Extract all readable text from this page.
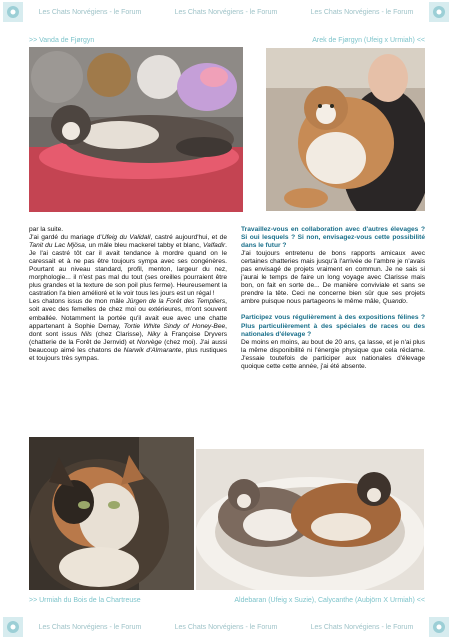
Les Chats Norvégiens - le Forum	Les Chats Norvégiens - le Forum	Les Chats Norvégiens - le Forum
>> Vanda de Fjørgyn	Arek de Fjørgyn (Ufeig x Urmiah) <<

par la suite.

J'ai gardé du mariage d'Ufeig du Validall, castré aujourd'hui, et de Tanit du Lac Mjösa, un mâle bleu mackerel tabby et blanc, Valfadir. Je l'ai castré tôt car il avait tendance à mordre quand on le caressait et à ne pas être toujours sympa avec ses congénères. Pourtant au niveau standard, profil, menton, largeur du nez, morphologie... il n'est pas mal du tout (ses oreilles pourraient être plus grandes et la texture de son poil plus ferme). Heureusement la castration l'a bien amélioré et le voir tous les jours est un régal !

Les chatons issus de mon mâle Jürgen de la Forêt des Templiers, soit avec des femelles de chez moi ou extérieures, m'ont souvent emballée. Notamment la portée qu'il avait eue avec une chatte appartenant à Sophie Demay, Tortie White Sindy of Honey-Bee, dont sont issus Nils (chez Clarisse), Niky à Françoise Dryvers (chatterie de la Forêt de Jernvid) et Norvège (chez moi). J'ai aussi beaucoup aimé les chatons de Narwik d'Almarante, plus rustiques et toujours très sympas.

Travaillez-vous en collaboration avec d'autres élevages ? Si oui lesquels ? Si non, envisagez-vous cette possibilité dans le futur ?

J'ai toujours entretenu de bons rapports amicaux avec certaines chatteries mais jusqu'à l'arrivée de l'ambre je n'avais pas envisagé de projets vraiment en commun. Je ne sais si j'aurai le temps de faire un long voyage avec Clarisse mais bon, on fait en sorte de... De manière conviviale et sans se prendre la tête. Ceci ne concerne bien sûr que ses projets ambre puisque nous partageons le même mâle, Quando.

Participez vous régulièrement à des expositions félines ? Plus particulièrement à des spéciales de races ou des nationales d'élevage ?

De moins en moins, au bout de 20 ans, ça lasse, et je n'ai plus la même disponibilité ni l'énergie physique que cela réclame. J'essaie toutefois de participer aux nationales d'élevage quoique cette cette année, j'ai été absente.

>> Urmiah du Bois de la Chartreuse	Aldebaran (Ufeig x Suzie), Calycanthe (Aubjörn X Urmiah) <<
Les Chats Norvégiens - le Forum	Les Chats Norvégiens - le Forum	Les Chats Norvégiens - le Forum
